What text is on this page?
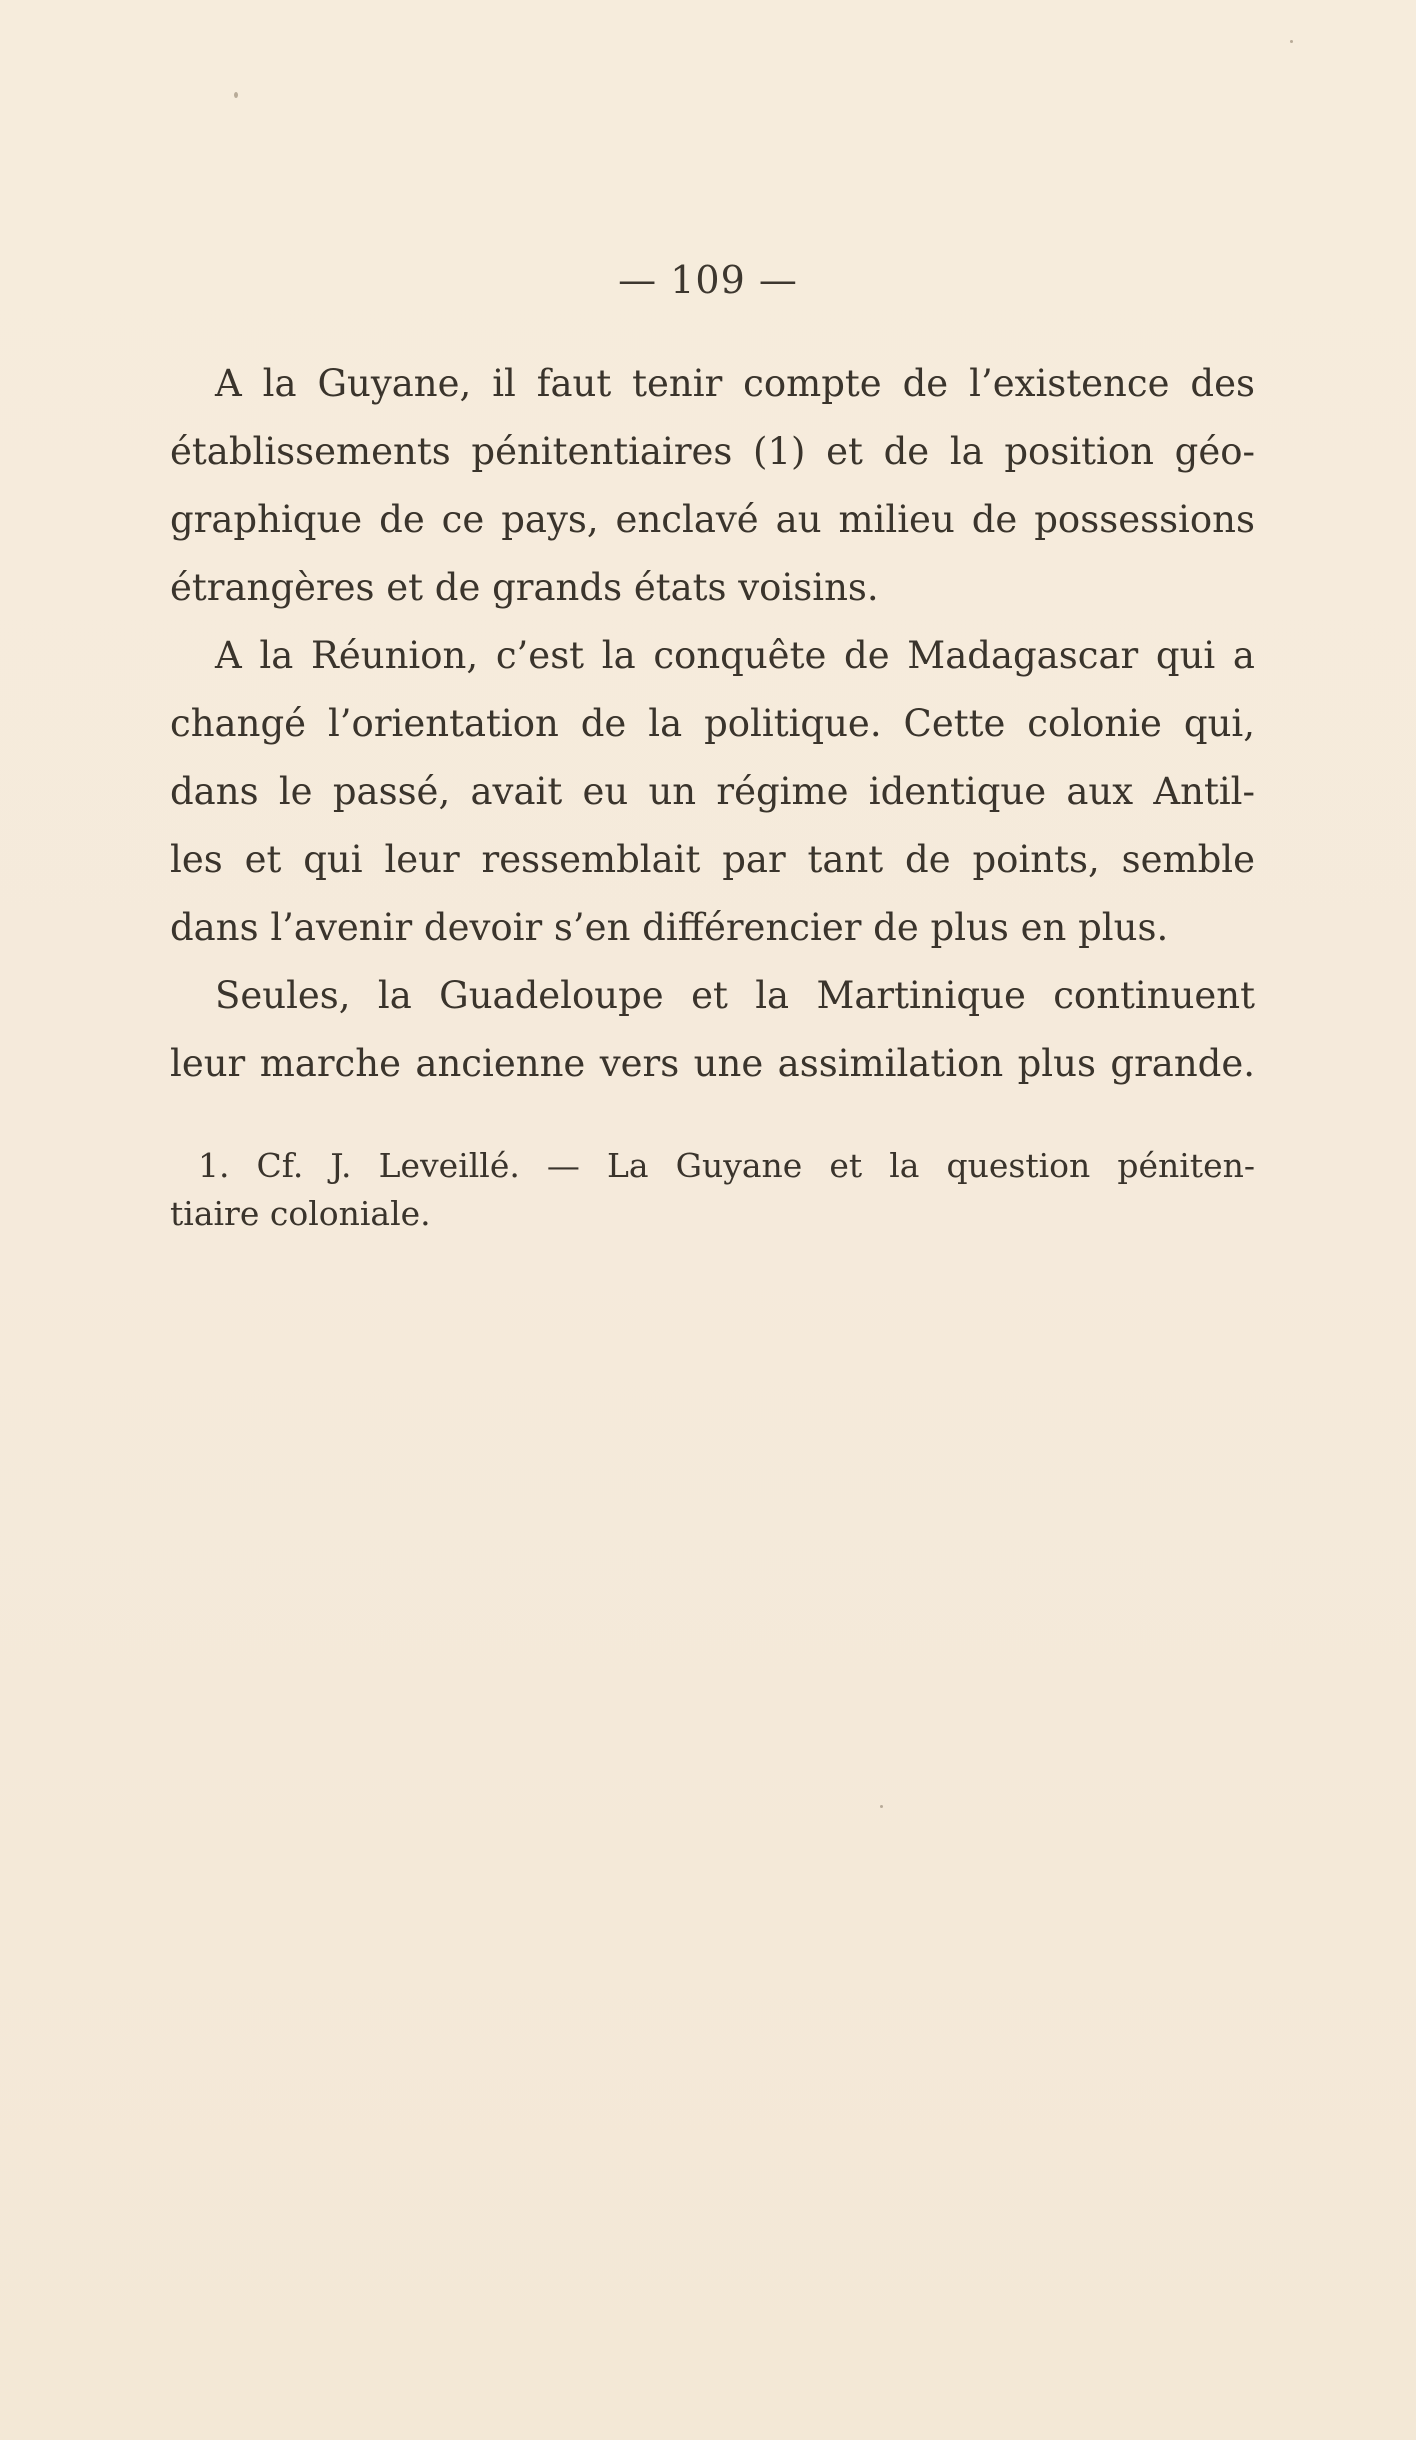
— 109 —
A la Guyane, il faut tenir compte de l’existence des
établissements pénitentiaires (1) et de la position géo-
graphique de ce pays, enclavé au milieu de possessions
étrangères et de grands états voisins.
A la Réunion, c’est la conquête de Madagascar qui a
changé l’orientation de la politique. Cette colonie qui,
dans le passé, avait eu un régime identique aux Antil-
les et qui leur ressemblait par tant de points, semble
dans l’avenir devoir s’en différencier de plus en plus.
Seules, la Guadeloupe et la Martinique continuent
leur marche ancienne vers une assimilation plus grande.
1. Cf. J. Leveillé. — La Guyane et la question péniten-
tiaire coloniale.
